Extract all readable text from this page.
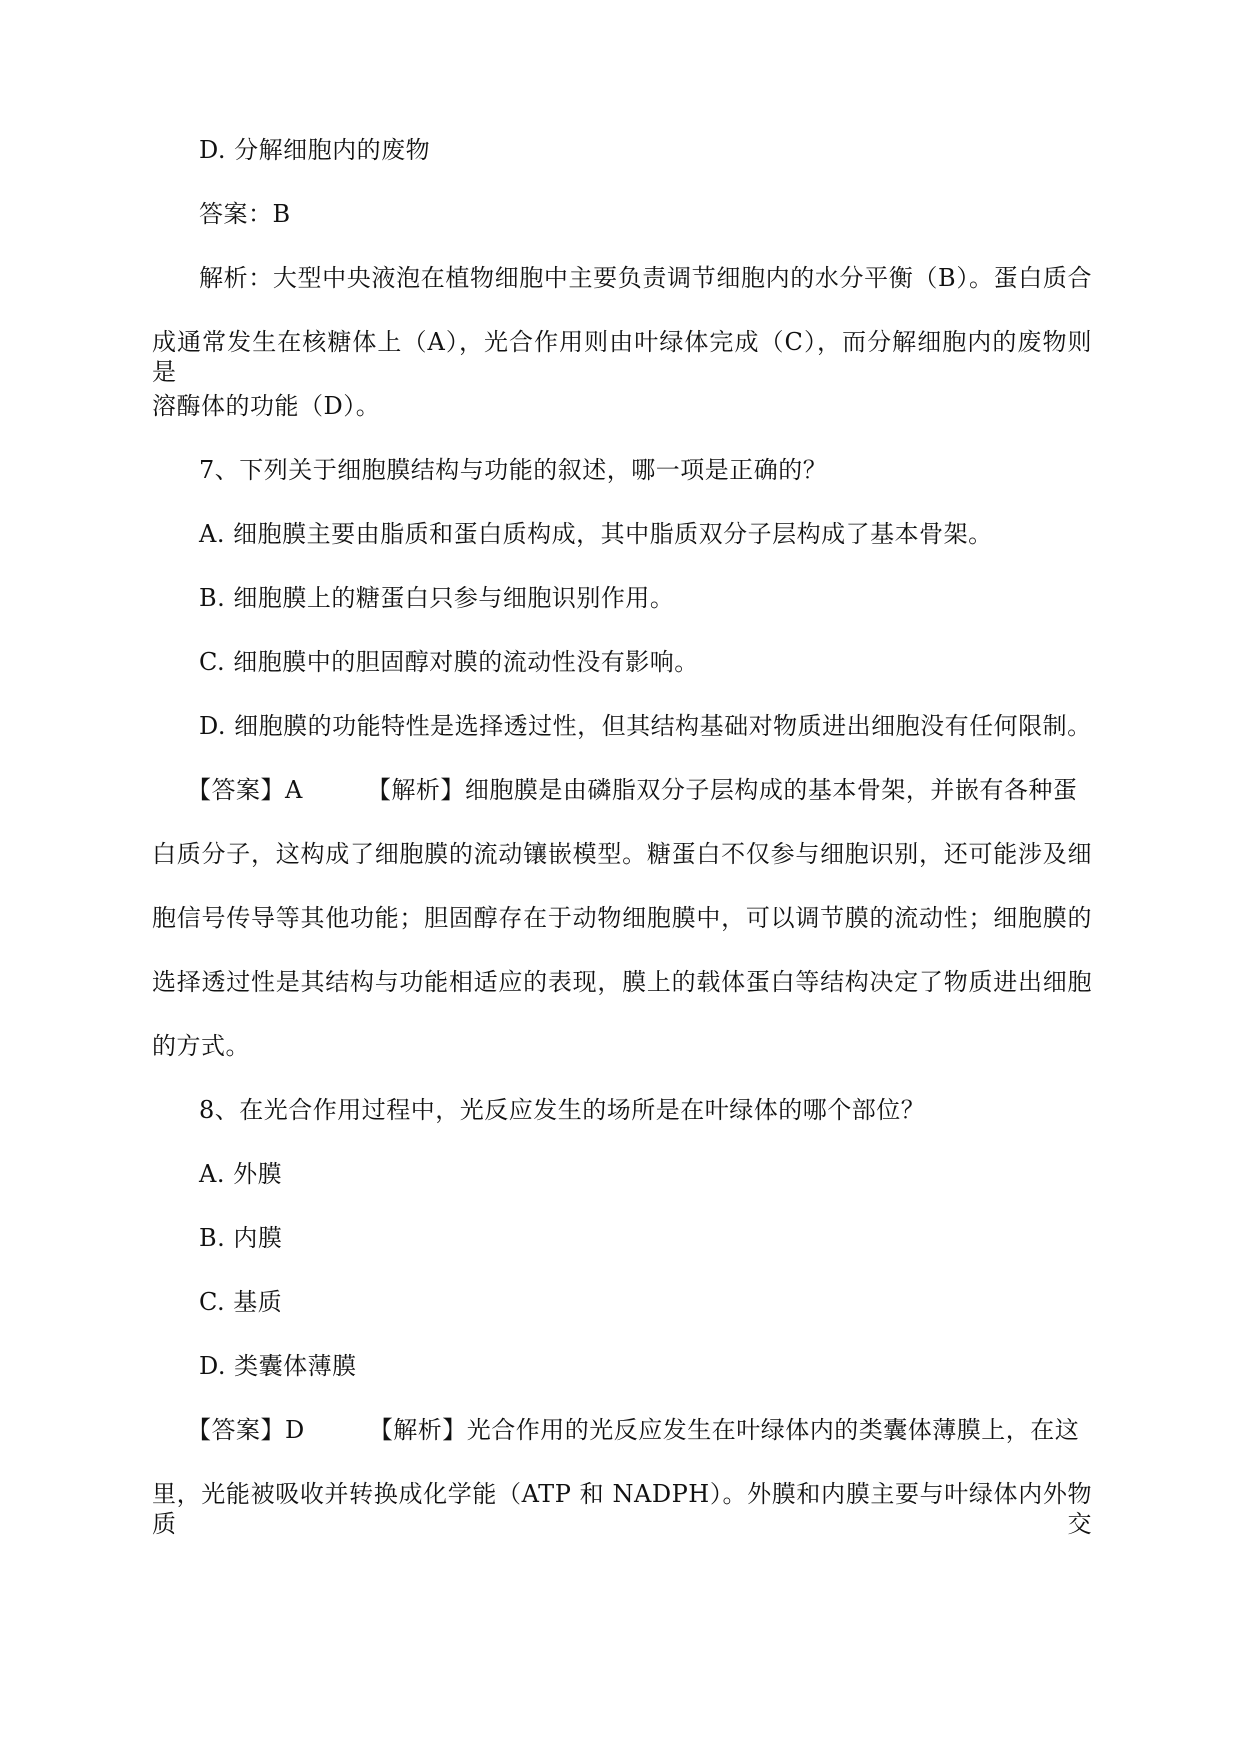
D. 分解细胞内的废物
答案：B
解析：大型中央液泡在植物细胞中主要负责调节细胞内的水分平衡（B）。蛋白质合
成通常发生在核糖体上（A），光合作用则由叶绿体完成（C），而分解细胞内的废物则是
溶酶体的功能（D）。
7、下列关于细胞膜结构与功能的叙述，哪一项是正确的？
A. 细胞膜主要由脂质和蛋白质构成，其中脂质双分子层构成了基本骨架。
B. 细胞膜上的糖蛋白只参与细胞识别作用。
C. 细胞膜中的胆固醇对膜的流动性没有影响。
D. 细胞膜的功能特性是选择透过性，但其结构基础对物质进出细胞没有任何限制。
【答案】A	【解析】细胞膜是由磷脂双分子层构成的基本骨架，并嵌有各种蛋
白质分子，这构成了细胞膜的流动镶嵌模型。糖蛋白不仅参与细胞识别，还可能涉及细
胞信号传导等其他功能；胆固醇存在于动物细胞膜中，可以调节膜的流动性；细胞膜的
选择透过性是其结构与功能相适应的表现，膜上的载体蛋白等结构决定了物质进出细胞
的方式。
8、在光合作用过程中，光反应发生的场所是在叶绿体的哪个部位？
A. 外膜
B. 内膜
C. 基质
D. 类囊体薄膜
【答案】D	【解析】光合作用的光反应发生在叶绿体内的类囊体薄膜上，在这
里，光能被吸收并转换成化学能（ATP 和 NADPH）。外膜和内膜主要与叶绿体内外物质交
